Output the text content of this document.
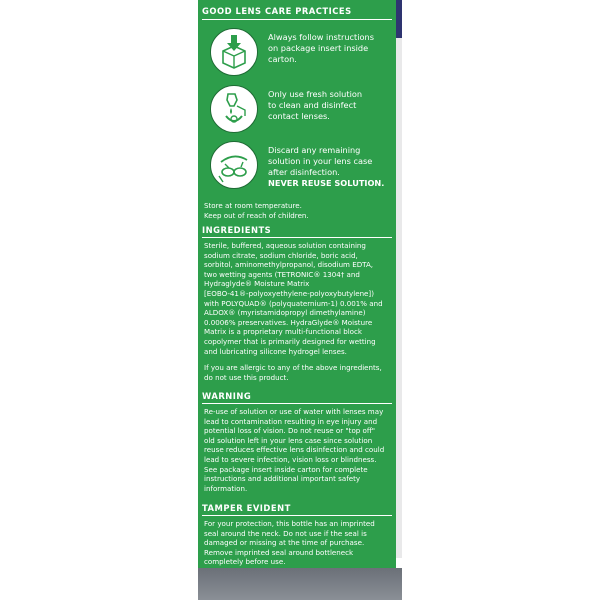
GOOD LENS CARE PRACTICES
Always follow instructions
on package insert inside
carton.
Only use fresh solution
to clean and disinfect
contact lenses.
Discard any remaining
solution in your lens case
after disinfection.
NEVER REUSE SOLUTION.
Store at room temperature.
Keep out of reach of children.
INGREDIENTS
Sterile, buffered, aqueous solution containing
sodium citrate, sodium chloride, boric acid,
sorbitol, aminomethylpropanol, disodium EDTA,
two wetting agents (TETRONIC® 1304† and
Hydraglyde® Moisture Matrix
[EOBO-41®-polyoxyethylene-polyoxybutylene])
with POLYQUAD® (polyquaternium-1) 0.001% and
ALDOX® (myristamidopropyl dimethylamine)
0.0006% preservatives. HydraGlyde® Moisture
Matrix is a proprietary multi-functional block
copolymer that is primarily designed for wetting
and lubricating silicone hydrogel lenses.
If you are allergic to any of the above ingredients,
do not use this product.
WARNING
Re-use of solution or use of water with lenses may
lead to contamination resulting in eye injury and
potential loss of vision. Do not reuse or "top off"
old solution left in your lens case since solution
reuse reduces effective lens disinfection and could
lead to severe infection, vision loss or blindness.
See package insert inside carton for complete
instructions and additional important safety
information.
TAMPER EVIDENT
For your protection, this bottle has an imprinted
seal around the neck. Do not use if the seal is
damaged or missing at the time of purchase.
Remove imprinted seal around bottleneck
completely before use.
